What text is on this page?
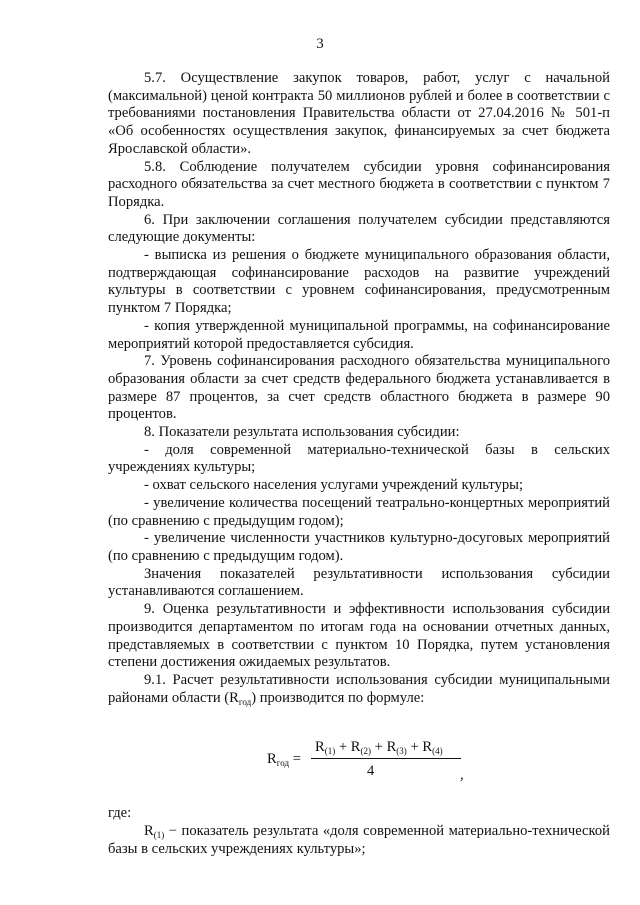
3

5.7. Осуществление закупок товаров, работ, услуг с начальной (максимальной) ценой контракта 50 миллионов рублей и более в соответствии с требованиями постановления Правительства области от 27.04.2016 № 501-п «Об особенностях осуществления закупок, финансируемых за счет бюджета Ярославской области».

5.8. Соблюдение получателем субсидии уровня софинансирования расходного обязательства за счет местного бюджета в соответствии с пунктом 7 Порядка.

6. При заключении соглашения получателем субсидии представляются следующие документы:

- выписка из решения о бюджете муниципального образования области, подтверждающая софинансирование расходов на развитие учреждений культуры в соответствии с уровнем софинансирования, предусмотренным пунктом 7 Порядка;

- копия утвержденной муниципальной программы, на софинансирование мероприятий которой предоставляется субсидия.

7. Уровень софинансирования расходного обязательства муниципального образования области за счет средств федерального бюджета устанавливается в размере 87 процентов, за счет средств областного бюджета в размере 90 процентов.

8. Показатели результата использования субсидии:

- доля современной материально-технической базы в сельских учреждениях культуры;

- охват сельского населения услугами учреждений культуры;

- увеличение количества посещений театрально-концертных мероприятий (по сравнению с предыдущим годом);

- увеличение численности участников культурно-досуговых мероприятий (по сравнению с предыдущим годом).

Значения показателей результативности использования субсидии устанавливаются соглашением.

9. Оценка результативности и эффективности использования субсидии производится департаментом по итогам года на основании отчетных данных, представляемых в соответствии с пунктом 10 Порядка, путем установления степени достижения ожидаемых результатов.

9.1. Расчет результативности использования субсидии муниципальными районами области $(R_{год})$ производится по формуле:

$R_{год}$ =
$R_{(1)} + R_{(2)} + R_{(3)} + R_{(4)}$
4	,

где:

$R_{(1)}$ − показатель результата «доля современной материально-технической базы в сельских учреждениях культуры»;
